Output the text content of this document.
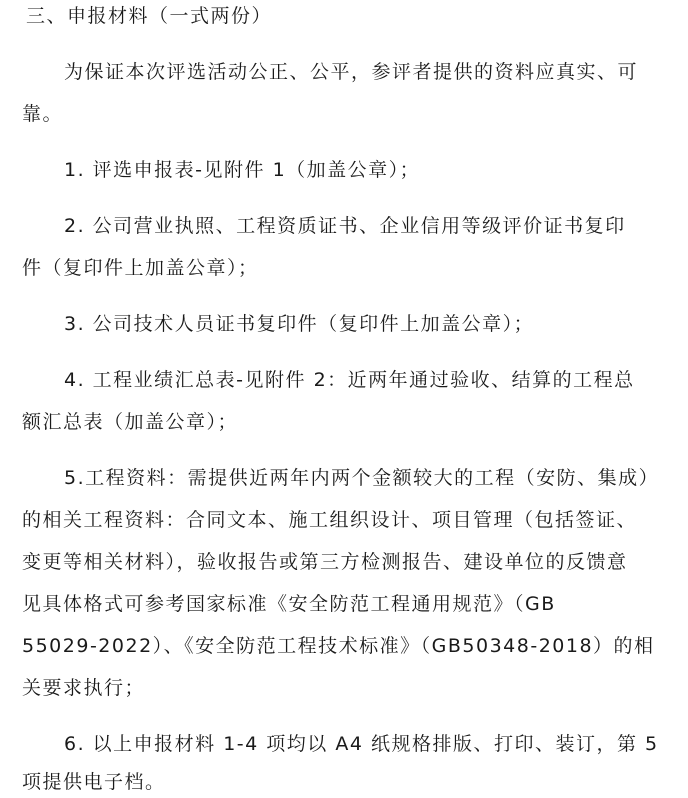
三、申报材料（一式两份）
为保证本次评选活动公正、公平，参评者提供的资料应真实、可
靠。
1. 评选申报表-见附件 1（加盖公章）；
2. 公司营业执照、工程资质证书、企业信用等级评价证书复印
件（复印件上加盖公章）；
3. 公司技术人员证书复印件（复印件上加盖公章）；
4. 工程业绩汇总表-见附件 2：近两年通过验收、结算的工程总
额汇总表（加盖公章）；
5.工程资料：需提供近两年内两个金额较大的工程（安防、集成）
的相关工程资料：合同文本、施工组织设计、项目管理（包括签证、
变更等相关材料），验收报告或第三方检测报告、建设单位的反馈意
见具体格式可参考国家标准《安全防范工程通用规范》（GB
55029-2022）、《安全防范工程技术标准》（GB50348-2018）的相
关要求执行；
6. 以上申报材料 1-4 项均以 A4 纸规格排版、打印、装订，第 5
项提供电子档。
